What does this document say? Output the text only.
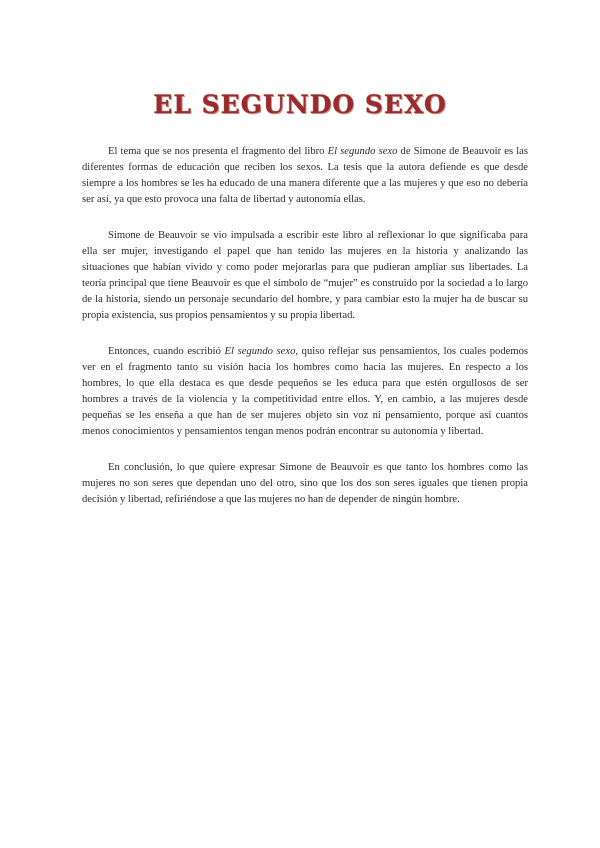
EL SEGUNDO SEXO

El tema que se nos presenta el fragmento del libro El segundo sexo de Simone de Beauvoir es las diferentes formas de educación que reciben los sexos. La tesis que la autora defiende es que desde siempre a los hombres se les ha educado de una manera diferente que a las mujeres y que eso no debería ser así, ya que esto provoca una falta de libertad y autonomía ellas.

Simone de Beauvoir se vio impulsada a escribir este libro al reflexionar lo que significaba para ella ser mujer, investigando el papel que han tenido las mujeres en la historia y analizando las situaciones que habían vivido y como poder mejorarlas para que pudieran ampliar sus libertades. La teoría principal que tiene Beauvoir es que el símbolo de “mujer” es construido por la sociedad a lo largo de la historia, siendo un personaje secundario del hombre, y para cambiar esto la mujer ha de buscar su propia existencia, sus propios pensamientos y su propia libertad.

Entonces, cuando escribió El segundo sexo, quiso reflejar sus pensamientos, los cuales podemos ver en el fragmento tanto su visión hacia los hombres como hacia las mujeres. En respecto a los hombres, lo que ella destaca es que desde pequeños se les educa para que estén orgullosos de ser hombres a través de la violencia y la competitividad entre ellos. Y, en cambio, a las mujeres desde pequeñas se les enseña a que han de ser mujeres objeto sin voz ni pensamiento, porque así cuantos menos conocimientos y pensamientos tengan menos podrán encontrar su autonomía y libertad.

En conclusión, lo que quiere expresar Simone de Beauvoir es que tanto los hombres como las mujeres no son seres que dependan uno del otro, sino que los dos son seres iguales que tienen propia decisión y libertad, refiriéndose a que las mujeres no han de depender de ningún hombre.
